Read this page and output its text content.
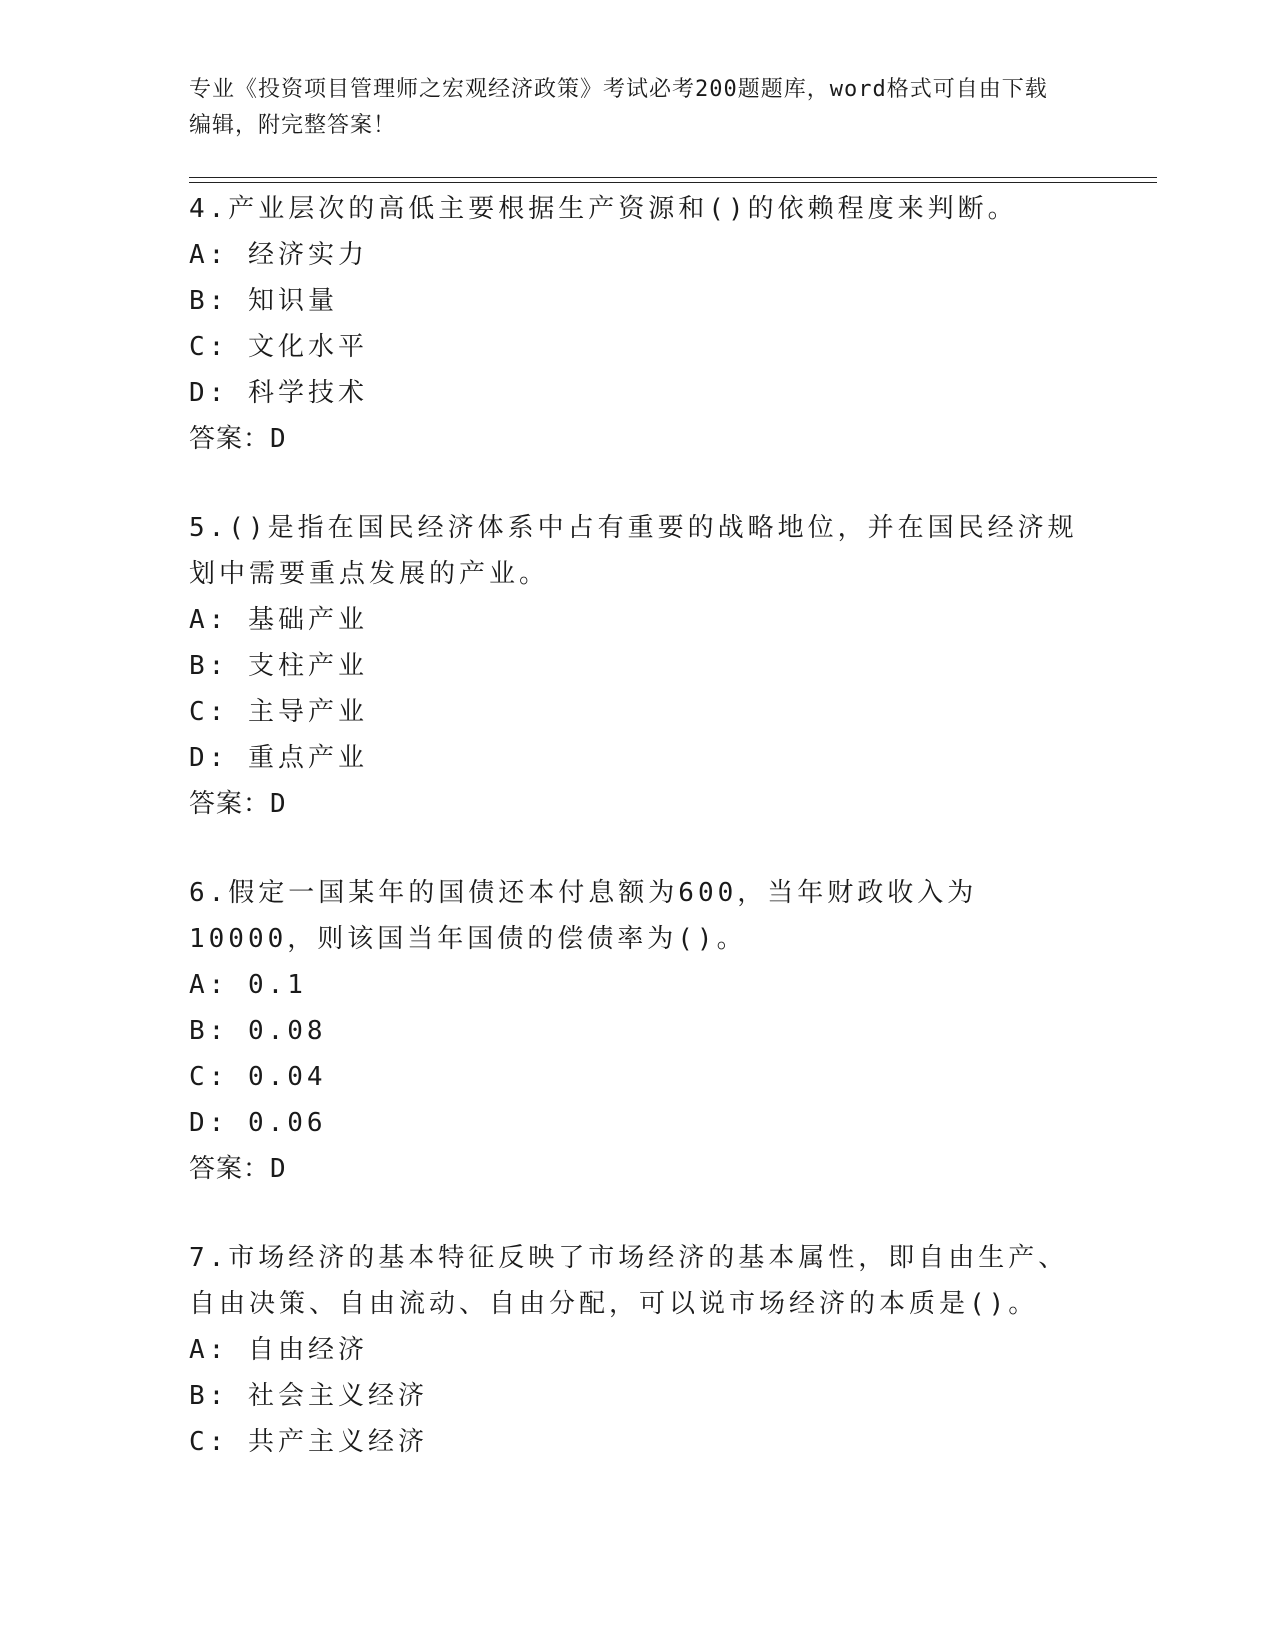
专业《投资项目管理师之宏观经济政策》考试必考200题题库，word格式可自由下载编辑，附完整答案！
4.产业层次的高低主要根据生产资源和()的依赖程度来判断。
A: 经济实力
B: 知识量
C: 文化水平
D: 科学技术
答案：D
5.()是指在国民经济体系中占有重要的战略地位，并在国民经济规划中需要重点发展的产业。
A: 基础产业
B: 支柱产业
C: 主导产业
D: 重点产业
答案：D
6.假定一国某年的国债还本付息额为600，当年财政收入为10000，则该国当年国债的偿债率为()。
A: 0.1
B: 0.08
C: 0.04
D: 0.06
答案：D
7.市场经济的基本特征反映了市场经济的基本属性，即自由生产、自由决策、自由流动、自由分配，可以说市场经济的本质是()。
A: 自由经济
B: 社会主义经济
C: 共产主义经济
